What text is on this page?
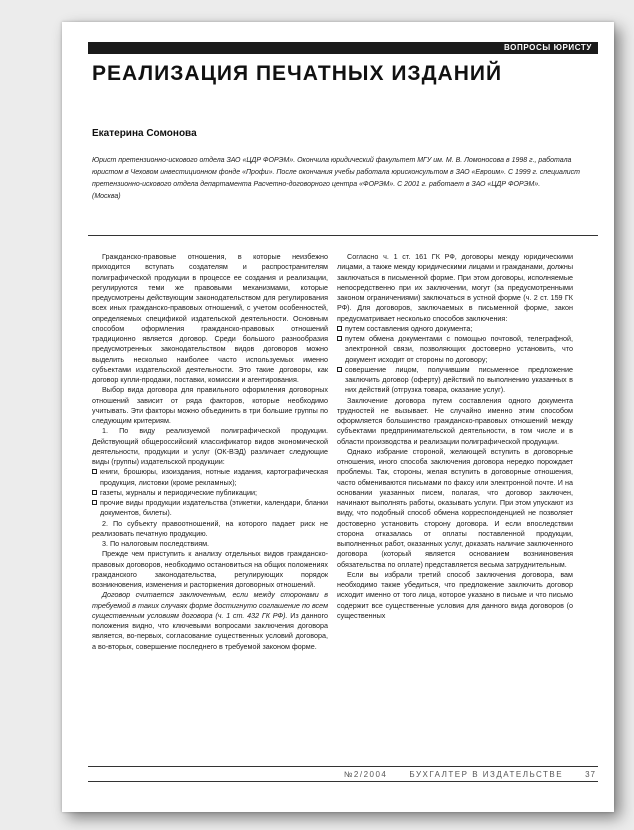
ВОПРОСЫ ЮРИСТУ
РЕАЛИЗАЦИЯ ПЕЧАТНЫХ ИЗДАНИЙ
Екатерина Сомонова
Юрист претензионно-искового отдела ЗАО «ЦДР ФОРЭМ». Окончила юридический факультет МГУ им. М. В. Ломоносова в 1998 г., работала юристом в Чеховом инвестиционном фонде «Профи». После окончания учебы работала юрисконсультом в ЗАО «Евроим». С 1999 г. специалист претензионно-искового отдела департамента Расчетно-договорного центра «ФОРЭМ». С 2001 г. работает в ЗАО «ЦДР ФОРЭМ».
(Москва)

Гражданско-правовые отношения, в которые неизбежно приходится вступать создателям и распространителям полиграфической продукции в процессе ее создания и реализации, регулируются теми же правовыми механизмами, которые предусмотрены действующим законодательством для регулирования всех иных гражданско-правовых отношений, с учетом особенностей, определяемых спецификой издательской деятельности. Основным способом оформления гражданско-правовых отношений традиционно является договор. Среди большого разнообразия предусмотренных законодательством видов договоров можно выделить несколько наиболее часто используемых именно субъектами издательской деятельности. Это такие договоры, как договор купли-продажи, поставки, комиссии и агентирования.

Выбор вида договора для правильного оформления договорных отношений зависит от ряда факторов, которые необходимо учитывать. Эти факторы можно объединить в три большие группы по следующим критериям.

1. По виду реализуемой полиграфической продукции. Действующий общероссийский классификатор видов экономической деятельности, продукции и услуг (ОК-ВЭД) различает следующие виды (группы) издательской продукции:

книги, брошюры, изоиздания, нотные издания, картографическая продукция, листовки (кроме рекламных);
газеты, журналы и периодические публикации;
прочие виды продукции издательства (этикетки, календари, бланки документов, билеты).

2. По субъекту правоотношений, на которого падает риск не реализовать печатную продукцию.

3. По налоговым последствиям.

Прежде чем приступить к анализу отдельных видов гражданско-правовых договоров, необходимо остановиться на общих положениях гражданского законодательства, регулирующих порядок возникновения, изменения и расторжения договорных отношений.

Договор считается заключенным, если между сторонами в требуемой в таких случаях форме достигнуто соглашение по всем существенным условиям договора (ч. 1 ст. 432 ГК РФ). Из данного положения видно, что ключевыми вопросами заключения договора является, во-первых, согласование существенных условий договора, а во-вторых, совершение последнего в требуемой законом форме.

Согласно ч. 1 ст. 161 ГК РФ, договоры между юридическими лицами, а также между юридическими лицами и гражданами, должны заключаться в письменной форме. При этом договоры, исполняемые непосредственно при их заключении, могут (за предусмотренными законом ограничениями) заключаться в устной форме (ч. 2 ст. 159 ГК РФ). Для договоров, заключаемых в письменной форме, закон предусматривает несколько способов заключения:

путем составления одного документа;
путем обмена документами с помощью почтовой, телеграфной, электронной связи, позволяющих достоверно установить, что документ исходит от стороны по договору;
совершение лицом, получившим письменное предложение заключить договор (оферту) действий по выполнению указанных в них действий (отгрузка товара, оказание услуг).

Заключение договора путем составления одного документа трудностей не вызывает. Не случайно именно этим способом оформляется большинство гражданско-правовых отношений между субъектами предпринимательской деятельности, в том числе и в области производства и реализации полиграфической продукции.

Однако избрание стороной, желающей вступить в договорные отношения, иного способа заключения договора нередко порождает проблемы. Так, стороны, желая вступить в договорные отношения, часто обмениваются письмами по факсу или электронной почте. И на основании указанных писем, полагая, что договор заключен, начинают выполнять работы, оказывать услуги. При этом упускают из виду, что подобный способ обмена корреспонденцией не позволяет достоверно установить сторону договора. И если впоследствии сторона отказалась от оплаты поставленной продукции, выполненных работ, оказанных услуг, доказать наличие заключенного договора (который является основанием возникновения обязательства по оплате) представляется весьма затруднительным.

Если вы избрали третий способ заключения договора, вам необходимо также убедиться, что предложение заключить договор исходит именно от того лица, которое указано в письме и что письмо содержит все существенные условия для данного вида договоров (о существенных

№2/2004	БУХГАЛТЕР В ИЗДАТЕЛЬСТВЕ	37
